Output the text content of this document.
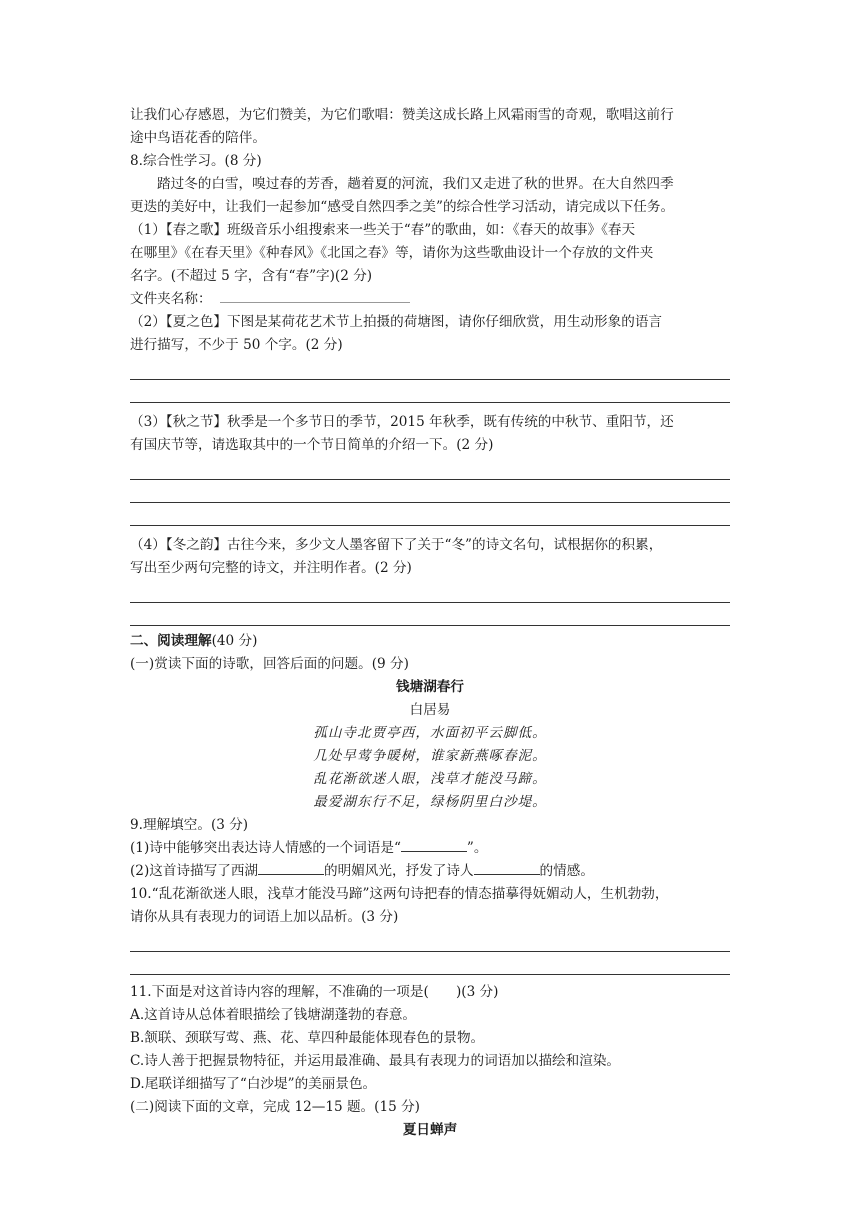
让我们心存感恩，为它们赞美，为它们歌唱：赞美这成长路上风霜雨雪的奇观，歌唱这前行

途中鸟语花香的陪伴。

8.综合性学习。(8 分)

踏过冬的白雪，嗅过春的芳香，趟着夏的河流，我们又走进了秋的世界。在大自然四季

更迭的美好中，让我们一起参加“感受自然四季之美”的综合性学习活动，请完成以下任务。

（1）【春之歌】班级音乐小组搜索来一些关于“春”的歌曲，如：《春天的故事》《春天

在哪里》《在春天里》《种春风》《北国之春》等，请你为这些歌曲设计一个存放的文件夹

名字。(不超过 5 字，含有“春”字)(2 分)

文件夹名称：

（2）【夏之色】下图是某荷花艺术节上拍摄的荷塘图，请你仔细欣赏，用生动形象的语言

进行描写，不少于 50 个字。(2 分)

（3）【秋之节】秋季是一个多节日的季节，2015 年秋季，既有传统的中秋节、重阳节，还

有国庆节等，请选取其中的一个节日简单的介绍一下。(2 分)

（4）【冬之韵】古往今来，多少文人墨客留下了关于“冬”的诗文名句，试根据你的积累，

写出至少两句完整的诗文，并注明作者。(2 分)

二、阅读理解(40 分)

(一)赏读下面的诗歌，回答后面的问题。(9 分)

钱塘湖春行

白居易

孤山寺北贾亭西，水面初平云脚低。

几处早莺争暖树，谁家新燕啄春泥。

乱花渐欲迷人眼，浅草才能没马蹄。

最爱湖东行不足，绿杨阴里白沙堤。

9.理解填空。(3 分)

(1)诗中能够突出表达诗人情感的一个词语是“	”。

(2)这首诗描写了西湖	的明媚风光，抒发了诗人	的情感。

10.“乱花渐欲迷人眼，浅草才能没马蹄”这两句诗把春的情态描摹得妩媚动人，生机勃勃，

请你从具有表现力的词语上加以品析。(3 分)

11.下面是对这首诗内容的理解，不准确的一项是(　　)(3 分)

A.这首诗从总体着眼描绘了钱塘湖蓬勃的春意。

B.颔联、颈联写莺、燕、花、草四种最能体现春色的景物。

C.诗人善于把握景物特征，并运用最准确、最具有表现力的词语加以描绘和渲染。

D.尾联详细描写了“白沙堤”的美丽景色。

(二)阅读下面的文章，完成 12—15 题。(15 分)

夏日蝉声
